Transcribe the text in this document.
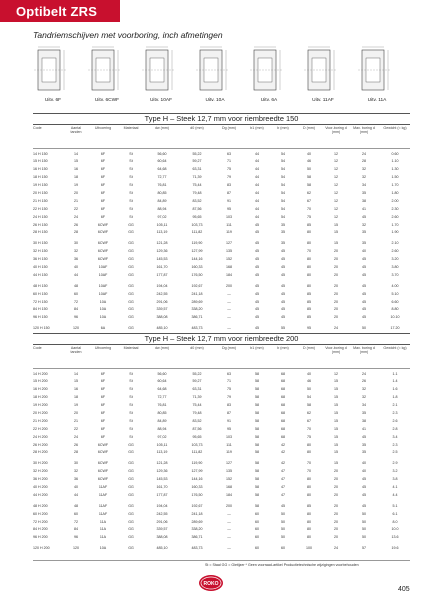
Optibelt ZRS
Tandriemschijven met voorboring, inch afmetingen
Uitv. 6F	Uitv. 6CWF	Uitv. 10AF	Uitv. 10A	Uitv. 6A	Uitv. 11AF	Uitv. 11A
Type H – Steek 12,7 mm voor riembreedte 150
Code	Aantal tanden
Uitvoering	Materiaal	dw (mm)	d0 (mm)	Dg (mm)	b1 (mm)	b (mm)	D (mm)	Voor-boring d (mm)
Max. boring d (mm)
Gewicht (≈ kg)
14 H 150	14	6F	St	56,60	55,22	63	44	54	40	12	24	0.60
15 H 150	15	6F	St	60,64	59,27	71	44	54	46	12	28	1.10
16 H 150	16	6F	St	64,68	63,31	75	44	54	50	12	32	1.30
18 H 150	18	6F	St	72,77	71,39	79	44	54	58	12	32	1.50
19 H 150	19	6F	St	76,81	75,44	83	44	54	58	12	34	1.70
20 H 150	20	6F	St	80,85	79,48	87	44	54	62	12	35	1.80
21 H 150	21	6F	St	84,89	83,52	91	44	54	67	12	38	2.00
22 H 150	22	6F	St	88,94	87,56	95	44	54	70	12	41	2.30
24 H 150	24	6F	St	97,02	95,65	103	44	54	75	12	45	2.60
26 H 150	26	6CWF	GG	105,11	103,73	111	45	35	85	15	32	1.70
28 H 150	28	6CWF	GG	113,19	111,82	119	45	35	80	15	35	1.90
30 H 150	30	6CWF	GG	121,28	119,90	127	45	35	80	15	35	2.10
32 H 150	32	6CWF	GG	129,36	127,99	135	45	45	70	20	40	2.60
36 H 150	36	6CWF	GG	145,53	144,16	152	45	45	80	20	45	3.20
40 H 150	40	10AF	GG	161,70	160,33	168	45	45	80	20	45	3.80
44 H 150	44	10AF	GG	177,87	176,50	184	45	45	80	20	45	3.70
48 H 150	48	10AF	GG	194,04	192,67	200	45	45	80	20	45	4.00
60 H 150	60	10AF	GG	242,55	241,18	—	45	45	85	20	45	5.10
72 H 150	72	10A	GG	291,06	289,69	—	45	45	85	20	45	6.60
84 H 150	84	10A	GG	339,57	338,20	—	45	45	85	20	45	8.80
96 H 150	96	10A	GG	388,08	386,71	—	45	45	85	20	45	10.10
120 H 150	120	6A	GG	485,10	483,73	—	45	55	95	24	50	17.20
Type H – Steek 12,7 mm voor riembreedte 200
Code	Aantal tanden
Uitvoering	Materiaal	dw (mm)	d0 (mm)	Dg (mm)	b1 (mm)	b (mm)	D (mm)	Voor-boring d (mm)
Max. boring d (mm)
Gewicht (≈ kg)
14 H 200	14	6F	St	56,60	55,22	63	58	68	40	12	24	1.1
15 H 200	15	6F	St	60,64	59,27	71	58	68	46	15	26	1.4
16 H 200	16	6F	St	64,68	63,31	75	58	68	50	15	32	1.6
18 H 200	18	6F	St	72,77	71,39	79	58	68	54	15	32	1.8
19 H 200	19	6F	St	76,81	75,44	83	58	68	58	15	34	2.1
20 H 200	20	6F	St	80,85	79,48	87	58	68	62	15	35	2.3
21 H 200	21	6F	St	84,89	83,52	91	58	68	67	15	38	2.6
22 H 200	22	6F	St	88,94	87,56	95	58	68	70	15	41	2.8
24 H 200	24	6F	St	97,02	95,65	103	58	68	75	15	45	3.4
26 H 200	26	6CWF	GG	105,11	103,73	111	58	42	80	15	35	2.3
28 H 200	28	6CWF	GG	113,19	111,82	119	58	42	80	15	35	2.5
30 H 200	30	6CWF	GG	121,28	119,90	127	58	42	70	15	40	2.9
32 H 200	32	6CWF	GG	129,36	127,99	135	58	47	70	20	40	3.2
36 H 200	36	6CWF	GG	145,53	144,16	152	58	47	80	20	45	3.8
40 H 200	40	11AF	GG	161,70	160,33	168	58	47	80	20	45	4.1
44 H 200	44	11AF	GG	177,87	176,50	184	58	47	80	20	45	4.4
48 H 200	48	11AF	GG	194,04	192,67	200	58	45	85	20	45	5.1
60 H 200	60	11AF	GG	242,55	241,18	—	60	50	80	20	50	6.1
72 H 200	72	11A	GG	291,06	289,69	—	60	50	80	20	50	8.0
84 H 200	84	11A	GG	339,57	338,20	—	60	50	80	20	50	10.0
96 H 200	96	11A	GG	388,08	386,71	—	60	50	80	20	50	13.6
120 H 200	120	10A	GG	485,10	483,73	—	60	60	100	24	57	19.6
St = Staal GG = Gietijzer * Geen voorraad-artikel Productietechnische wijzigingen voorbehouden
ROKO
405
